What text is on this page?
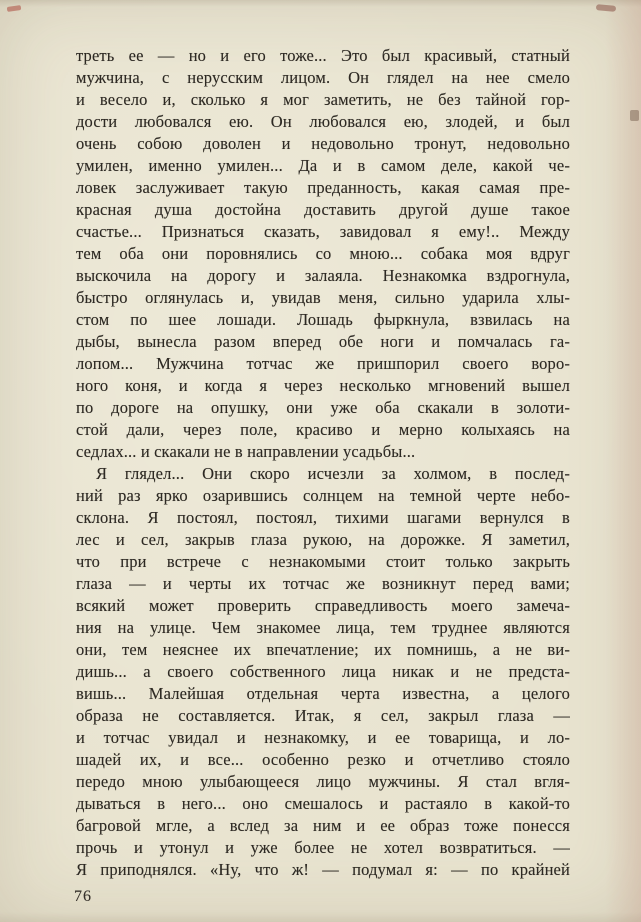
треть ее — но и его тоже... Это был красивый, статный
мужчина, с нерусским лицом. Он глядел на нее смело
и весело и, сколько я мог заметить, не без тайной гор-
дости любовался ею. Он любовался ею, злодей, и был
очень собою доволен и недовольно тронут, недовольно
умилен, именно умилен... Да и в самом деле, какой че-
ловек заслуживает такую преданность, какая самая пре-
красная душа достойна доставить другой душе такое
счастье... Признаться сказать, завидовал я ему!.. Между
тем оба они поровнялись со мною... собака моя вдруг
выскочила на дорогу и залаяла. Незнакомка вздрогнула,
быстро оглянулась и, увидав меня, сильно ударила хлы-
стом по шее лошади. Лошадь фыркнула, взвилась на
дыбы, вынесла разом вперед обе ноги и помчалась га-
лопом... Мужчина тотчас же пришпорил своего воро-
ного коня, и когда я через несколько мгновений вышел
по дороге на опушку, они уже оба скакали в золоти-
стой дали, через поле, красиво и мерно колыхаясь на
седлах... и скакали не в направлении усадьбы...
Я глядел... Они скоро исчезли за холмом, в послед-
ний раз ярко озарившись солнцем на темной черте небо-
склона. Я постоял, постоял, тихими шагами вернулся в
лес и сел, закрыв глаза рукою, на дорожке. Я заметил,
что при встрече с незнакомыми стоит только закрыть
глаза — и черты их тотчас же возникнут перед вами;
всякий может проверить справедливость моего замеча-
ния на улице. Чем знакомее лица, тем труднее являются
они, тем неяснее их впечатление; их помнишь, а не ви-
дишь... а своего собственного лица никак и не предста-
вишь... Малейшая отдельная черта известна, а целого
образа не составляется. Итак, я сел, закрыл глаза —
и тотчас увидал и незнакомку, и ее товарища, и ло-
шадей их, и все... особенно резко и отчетливо стояло
передо мною улыбающееся лицо мужчины. Я стал вгля-
дываться в него... оно смешалось и растаяло в какой-то
багровой мгле, а вслед за ним и ее образ тоже понесся
прочь и утонул и уже более не хотел возвратиться. —
Я приподнялся. «Ну, что ж! — подумал я: — по крайней
76
